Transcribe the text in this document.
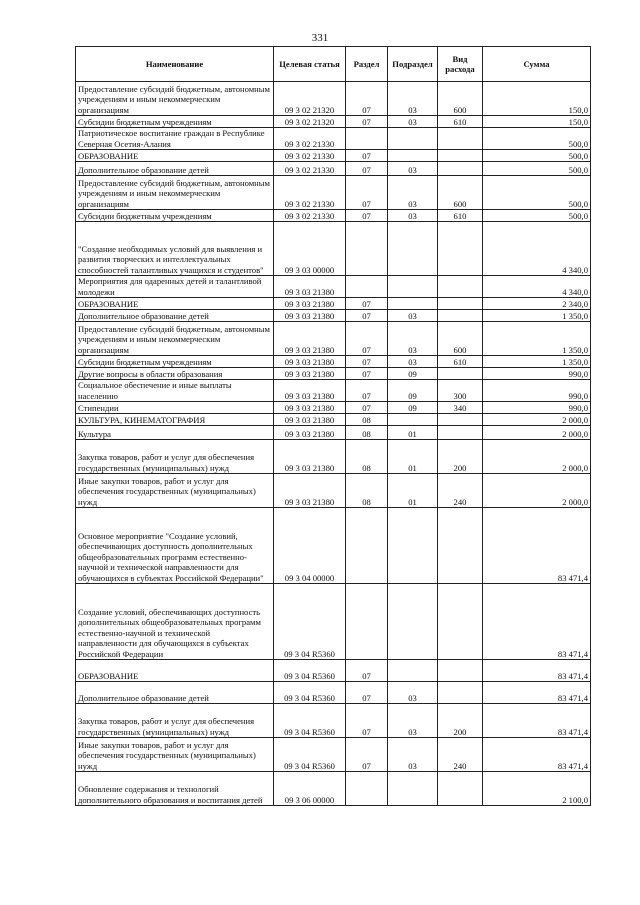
331
Наименование	Целевая статья	Раздел	Подраздел	Вид расхода	Сумма
Предоставление субсидий бюджетным, автономным учреждениям и иным некоммерческим организациям	09 3 02 21320	07	03	600	150,0
Субсидии бюджетным учреждениям	09 3 02 21320	07	03	610	150,0
Патриотическое воспитание граждан в Республике Северная Осетия-Алания	09 3 02 21330				500,0
ОБРАЗОВАНИЕ	09 3 02 21330	07			500,0
Дополнительное образование детей	09 3 02 21330	07	03		500,0
Предоставление субсидий бюджетным, автономным учреждениям и иным некоммерческим организациям	09 3 02 21330	07	03	600	500,0
Субсидии бюджетным учреждениям	09 3 02 21330	07	03	610	500,0
"Создание необходимых условий для выявления и развития творческих и интеллектуальных способностей талантливых учащихся и студентов"	09 3 03 00000				4 340,0
Мероприятия для одаренных детей и талантливой молодежи	09 3 03 21380				4 340,0
ОБРАЗОВАНИЕ	09 3 03 21380	07			2 340,0
Дополнительное образование детей	09 3 03 21380	07	03		1 350,0
Предоставление субсидий бюджетным, автономным учреждениям и иным некоммерческим организациям	09 3 03 21380	07	03	600	1 350,0
Субсидии бюджетным учреждениям	09 3 03 21380	07	03	610	1 350,0
Другие вопросы в области образования	09 3 03 21380	07	09		990,0
Социальное обеспечение и иные выплаты населению	09 3 03 21380	07	09	300	990,0
Стипендии	09 3 03 21380	07	09	340	990,0
КУЛЬТУРА, КИНЕМАТОГРАФИЯ	09 3 03 21380	08			2 000,0
Культура	09 3 03 21380	08	01		2 000,0
Закупка товаров, работ и услуг для обеспечения государственных (муниципальных) нужд	09 3 03 21380	08	01	200	2 000,0
Иные закупки товаров, работ и услуг для обеспечения государственных (муниципальных) нужд	09 3 03 21380	08	01	240	2 000,0
Основное мероприятие "Создание условий, обеспечивающих доступность дополнительных общеобразовательных программ естественно-научной и технической направленности для обучающихся в субъектах Российской Федерации"	09 3 04 00000				83 471,4
Создание условий, обеспечивающих доступность дополнительных общеобразовательных программ естественно-научной и технической направленности для обучающихся в субъектах Российской Федерации	09 3 04 R5360				83 471,4
ОБРАЗОВАНИЕ	09 3 04 R5360	07			83 471,4
Дополнительное образование детей	09 3 04 R5360	07	03		83 471,4
Закупка товаров, работ и услуг для обеспечения государственных (муниципальных) нужд	09 3 04 R5360	07	03	200	83 471,4
Иные закупки товаров, работ и услуг для обеспечения государственных (муниципальных) нужд	09 3 04 R5360	07	03	240	83 471,4
Обновление содержания и технологий дополнительного образования и воспитания детей	09 3 06 00000				2 100,0
